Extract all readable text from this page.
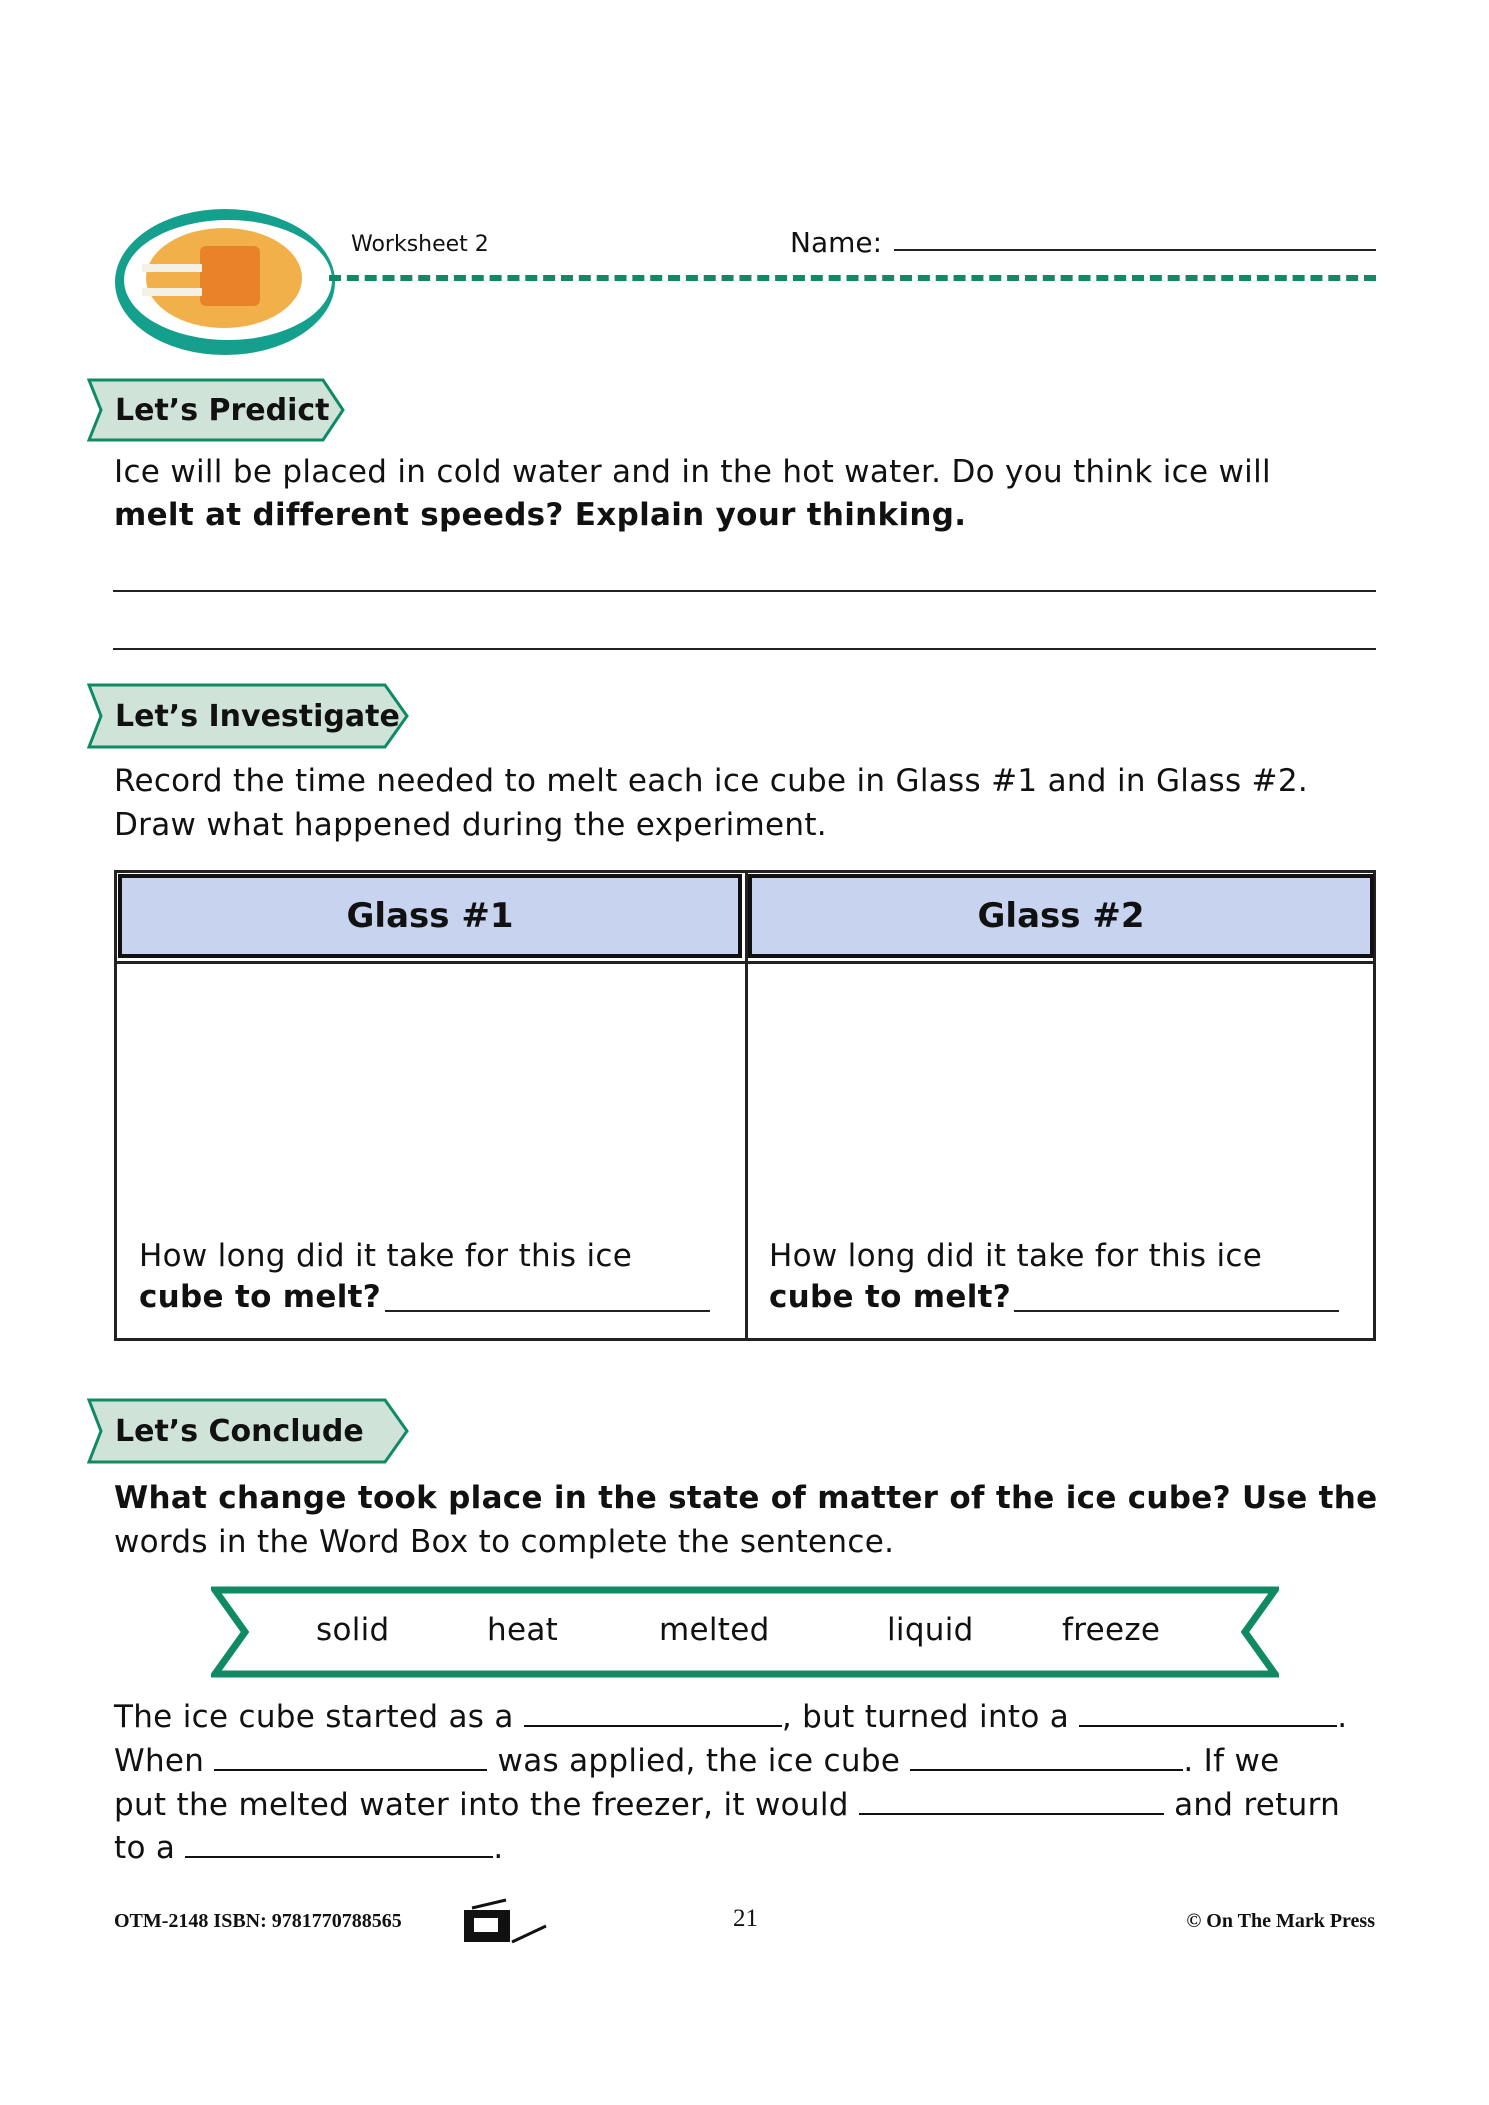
Worksheet 2	Name:
Let’s Predict
Ice will be placed in cold water and in the hot water. Do you think ice will
melt at different speeds? Explain your thinking.
Let’s Investigate
Record the time needed to melt each ice cube in Glass #1 and in Glass #2.
Draw what happened during the experiment.
Glass #1	Glass #2
How long did it take for this ice
cube to melt?
How long did it take for this ice
cube to melt?
Let’s Conclude
What change took place in the state of matter of the ice cube? Use the
words in the Word Box to complete the sentence.
solid	heat	melted	liquid	freeze
The ice cube started as a	, but turned into a	.
When	was applied, the ice cube	. If we
put the melted water into the freezer, it would	and return
to a	.
OTM-2148 ISBN: 9781770788565	21	© On The Mark Press
